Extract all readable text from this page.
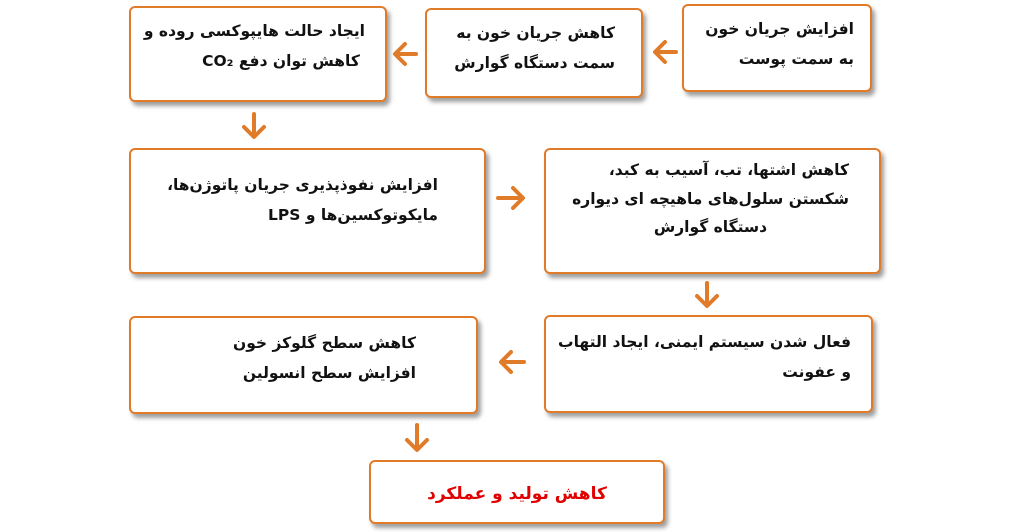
افزایش جریان خون
به سمت پوست
کاهش جریان خون به
سمت دستگاه گوارش
ایجاد حالت هایپوکسی روده و
کاهش توان دفع CO₂
افزایش نفوذپذیری جریان پاتوژن‌ها،
مایکوتوکسین‌ها و LPS
کاهش اشتها، تب، آسیب به کبد،
شکستن سلول‌های ماهیچه ای دیواره
دستگاه گوارش
فعال شدن سیستم ایمنی، ایجاد التهاب
و عفونت
کاهش سطح گلوکز خون
افزایش سطح انسولین
کاهش تولید و عملکرد
